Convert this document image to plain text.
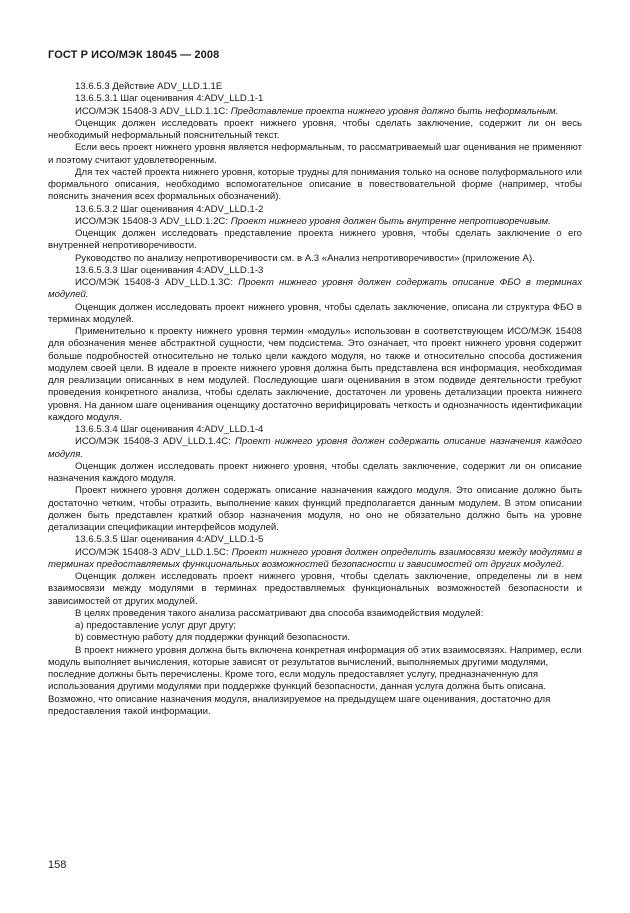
ГОСТ Р ИСО/МЭК 18045 — 2008

13.6.5.3 Действие ADV_LLD.1.1E

13.6.5.3.1 Шаг оценивания 4:ADV_LLD.1-1

ИСО/МЭК 15408-3 ADV_LLD.1.1C: Представление проекта нижнего уровня должно быть неформальным.

Оценщик должен исследовать проект нижнего уровня, чтобы сделать заключение, содержит ли он весь необходимый неформальный пояснительный текст.

Если весь проект нижнего уровня является неформальным, то рассматриваемый шаг оценивания не применяют и поэтому считают удовлетворенным.

Для тех частей проекта нижнего уровня, которые трудны для понимания только на основе полуформального или формального описания, необходимо вспомогательное описание в повествовательной форме (например, чтобы пояснить значения всех формальных обозначений).

13.6.5.3.2 Шаг оценивания 4:ADV_LLD.1-2

ИСО/МЭК 15408-3 ADV_LLD.1.2C: Проект нижнего уровня должен быть внутренне непротиворечивым.

Оценщик должен исследовать представление проекта нижнего уровня, чтобы сделать заключение о его внутренней непротиворечивости.

Руководство по анализу непротиворечивости см. в А.3 «Анализ непротиворечивости» (приложение А).

13.6.5.3.3 Шаг оценивания 4:ADV_LLD.1-3

ИСО/МЭК 15408-3 ADV_LLD.1.3C: Проект нижнего уровня должен содержать описание ФБО в терминах модулей.

Оценщик должен исследовать проект нижнего уровня, чтобы сделать заключение, описана ли структура ФБО в терминах модулей.

Применительно к проекту нижнего уровня термин «модуль» использован в соответствующем ИСО/МЭК 15408 для обозначения менее абстрактной сущности, чем подсистема. Это означает, что проект нижнего уровня содержит больше подробностей относительно не только цели каждого модуля, но также и относительно способа достижения модулем своей цели. В идеале в проекте нижнего уровня должна быть представлена вся информация, необходимая для реализации описанных в нем модулей. Последующие шаги оценивания в этом подвиде деятельности требуют проведения конкретного анализа, чтобы сделать заключение, достаточен ли уровень детализации проекта нижнего уровня. На данном шаге оценивания оценщику достаточно верифицировать четкость и однозначность идентификации каждого модуля.

13.6.5.3.4 Шаг оценивания 4:ADV_LLD.1-4

ИСО/МЭК 15408-3 ADV_LLD.1.4C: Проект нижнего уровня должен содержать описание назначения каждого модуля.

Оценщик должен исследовать проект нижнего уровня, чтобы сделать заключение, содержит ли он описание назначения каждого модуля.

Проект нижнего уровня должен содержать описание назначения каждого модуля. Это описание должно быть достаточно четким, чтобы отразить, выполнение каких функций предполагается данным модулем. В этом описании должен быть представлен краткий обзор назначения модуля, но оно не обязательно должно быть на уровне детализации спецификации интерфейсов модулей.

13.6.5.3.5 Шаг оценивания 4:ADV_LLD.1-5

ИСО/МЭК 15408-3 ADV_LLD.1.5C: Проект нижнего уровня должен определить взаимосвязи между модулями в терминах предоставляемых функциональных возможностей безопасности и зависимостей от других модулей.

Оценщик должен исследовать проект нижнего уровня, чтобы сделать заключение, определены ли в нем взаимосвязи между модулями в терминах предоставляемых функциональных возможностей безопасности и зависимостей от других модулей.

В целях проведения такого анализа рассматривают два способа взаимодействия модулей:

а) предоставление услуг друг другу;

b) совместную работу для поддержки функций безопасности.

В проект нижнего уровня должна быть включена конкретная информация об этих взаимосвязях. Например, если модуль выполняет вычисления, которые зависят от результатов вычислений, выполняемых другими модулями, последние должны быть перечислены. Кроме того, если модуль предоставляет услугу, предназначенную для использования другими модулями при поддержке функций безопасности, данная услуга должна быть описана. Возможно, что описание назначения модуля, анализируемое на предыдущем шаге оценивания, достаточно для предоставления такой информации.

158
